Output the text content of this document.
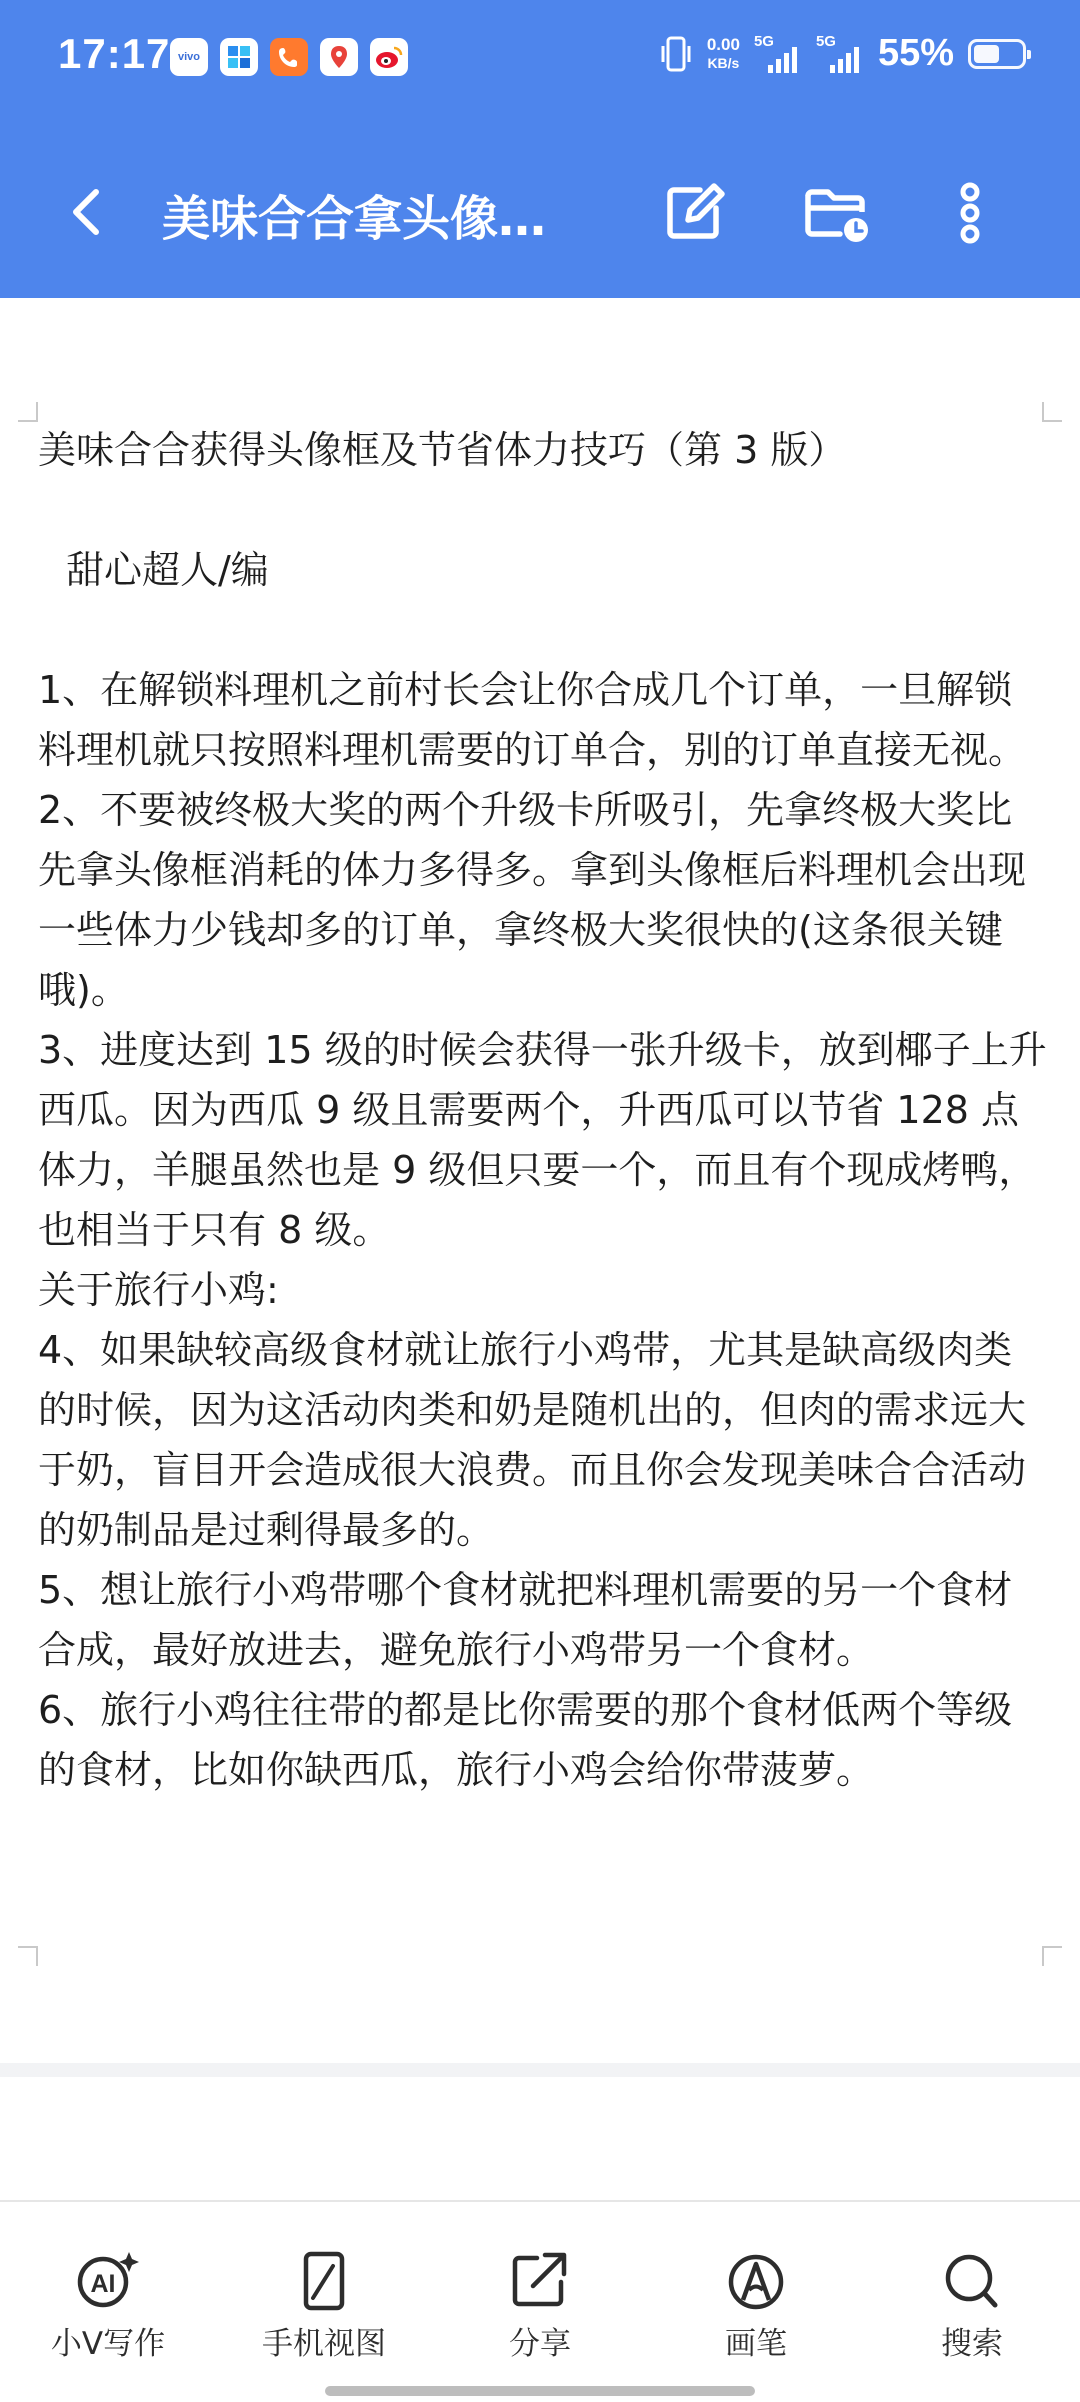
17:17 vivo
0.00
KB/s
5G	5G 55%
美味合合拿头像…

美味合合获得头像框及节省体力技巧（第 3 版）

甜心超人/编

1、在解锁料理机之前村长会让你合成几个订单，一旦解锁料理机就只按照料理机需要的订单合，别的订单直接无视。

2、不要被终极大奖的两个升级卡所吸引，先拿终极大奖比先拿头像框消耗的体力多得多。拿到头像框后料理机会出现一些体力少钱却多的订单，拿终极大奖很快的(这条很关键哦)。

3、进度达到 15 级的时候会获得一张升级卡，放到椰子上升西瓜。因为西瓜 9 级且需要两个，升西瓜可以节省 128 点体力，羊腿虽然也是 9 级但只要一个，而且有个现成烤鸭，也相当于只有 8 级。

关于旅行小鸡:

4、如果缺较高级食材就让旅行小鸡带，尤其是缺高级肉类的时候，因为这活动肉类和奶是随机出的，但肉的需求远大于奶，盲目开会造成很大浪费。而且你会发现美味合合活动的奶制品是过剩得最多的。

5、想让旅行小鸡带哪个食材就把料理机需要的另一个食材合成，最好放进去，避免旅行小鸡带另一个食材。

6、旅行小鸡往往带的都是比你需要的那个食材低两个等级的食材，比如你缺西瓜，旅行小鸡会给你带菠萝。

AI
小V写作	手机视图	分享	画笔	搜索
